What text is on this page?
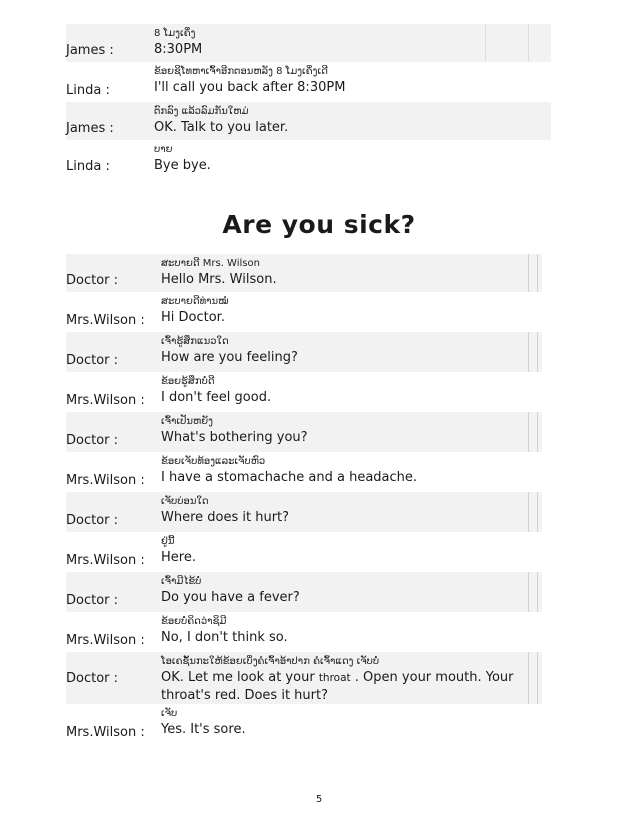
James :
8 ໂມງເຄິ່ງ
8:30PM
Linda :
ຂ້ອຍຊິໂທຫາເຈົ້າອີກຕອນຫລັງ 8 ໂມງເຄິ່ງເດີ
I'll call you back after 8:30PM
James :
ຕົກລົງ ແລ້ວລົມກັນໃຫມ່
OK. Talk to you later.
Linda :
ບາຍ
Bye bye.
Are you sick?
Doctor :
ສະບາຍດີ Mrs. Wilson
Hello Mrs. Wilson.
Mrs.Wilson :
ສະບາຍດີທ່ານໝໍ
Hi Doctor.
Doctor :
ເຈົ້າຮູ້ສຶກແນວໃດ
How are you feeling?
Mrs.Wilson :
ຂ້ອຍຮູ້ສຶກບໍ່ດີ
I don't feel good.
Doctor :
ເຈົ້າເປັນຫຍັງ
What's bothering you?
Mrs.Wilson :
ຂ້ອຍເຈັບທ້ອງແລະເຈັບຫົວ
I have a stomachache and a headache.
Doctor :
ເຈັບບ່ອນໃດ
Where does it hurt?
Mrs.Wilson :
ຢູ່ນີ້
Here.
Doctor :
ເຈົ້າມີໄຂ້ບໍ່
Do you have a fever?
Mrs.Wilson :
ຂ້ອຍບໍ່ຄິດວ່າຊິມີ
No, I don't think so.
Doctor :
ໂອເຄຊັ້ນກະໃຫ້ຂ້ອຍເບິ່ງຄໍເຈົ້າອ້າປາກ ຄໍເຈົ້າແດງ ເຈັບບໍ່
OK. Let me look at your throat . Open your mouth. Your throat's red. Does it hurt?
Mrs.Wilson :
ເຈັບ
Yes. It's sore.
5
